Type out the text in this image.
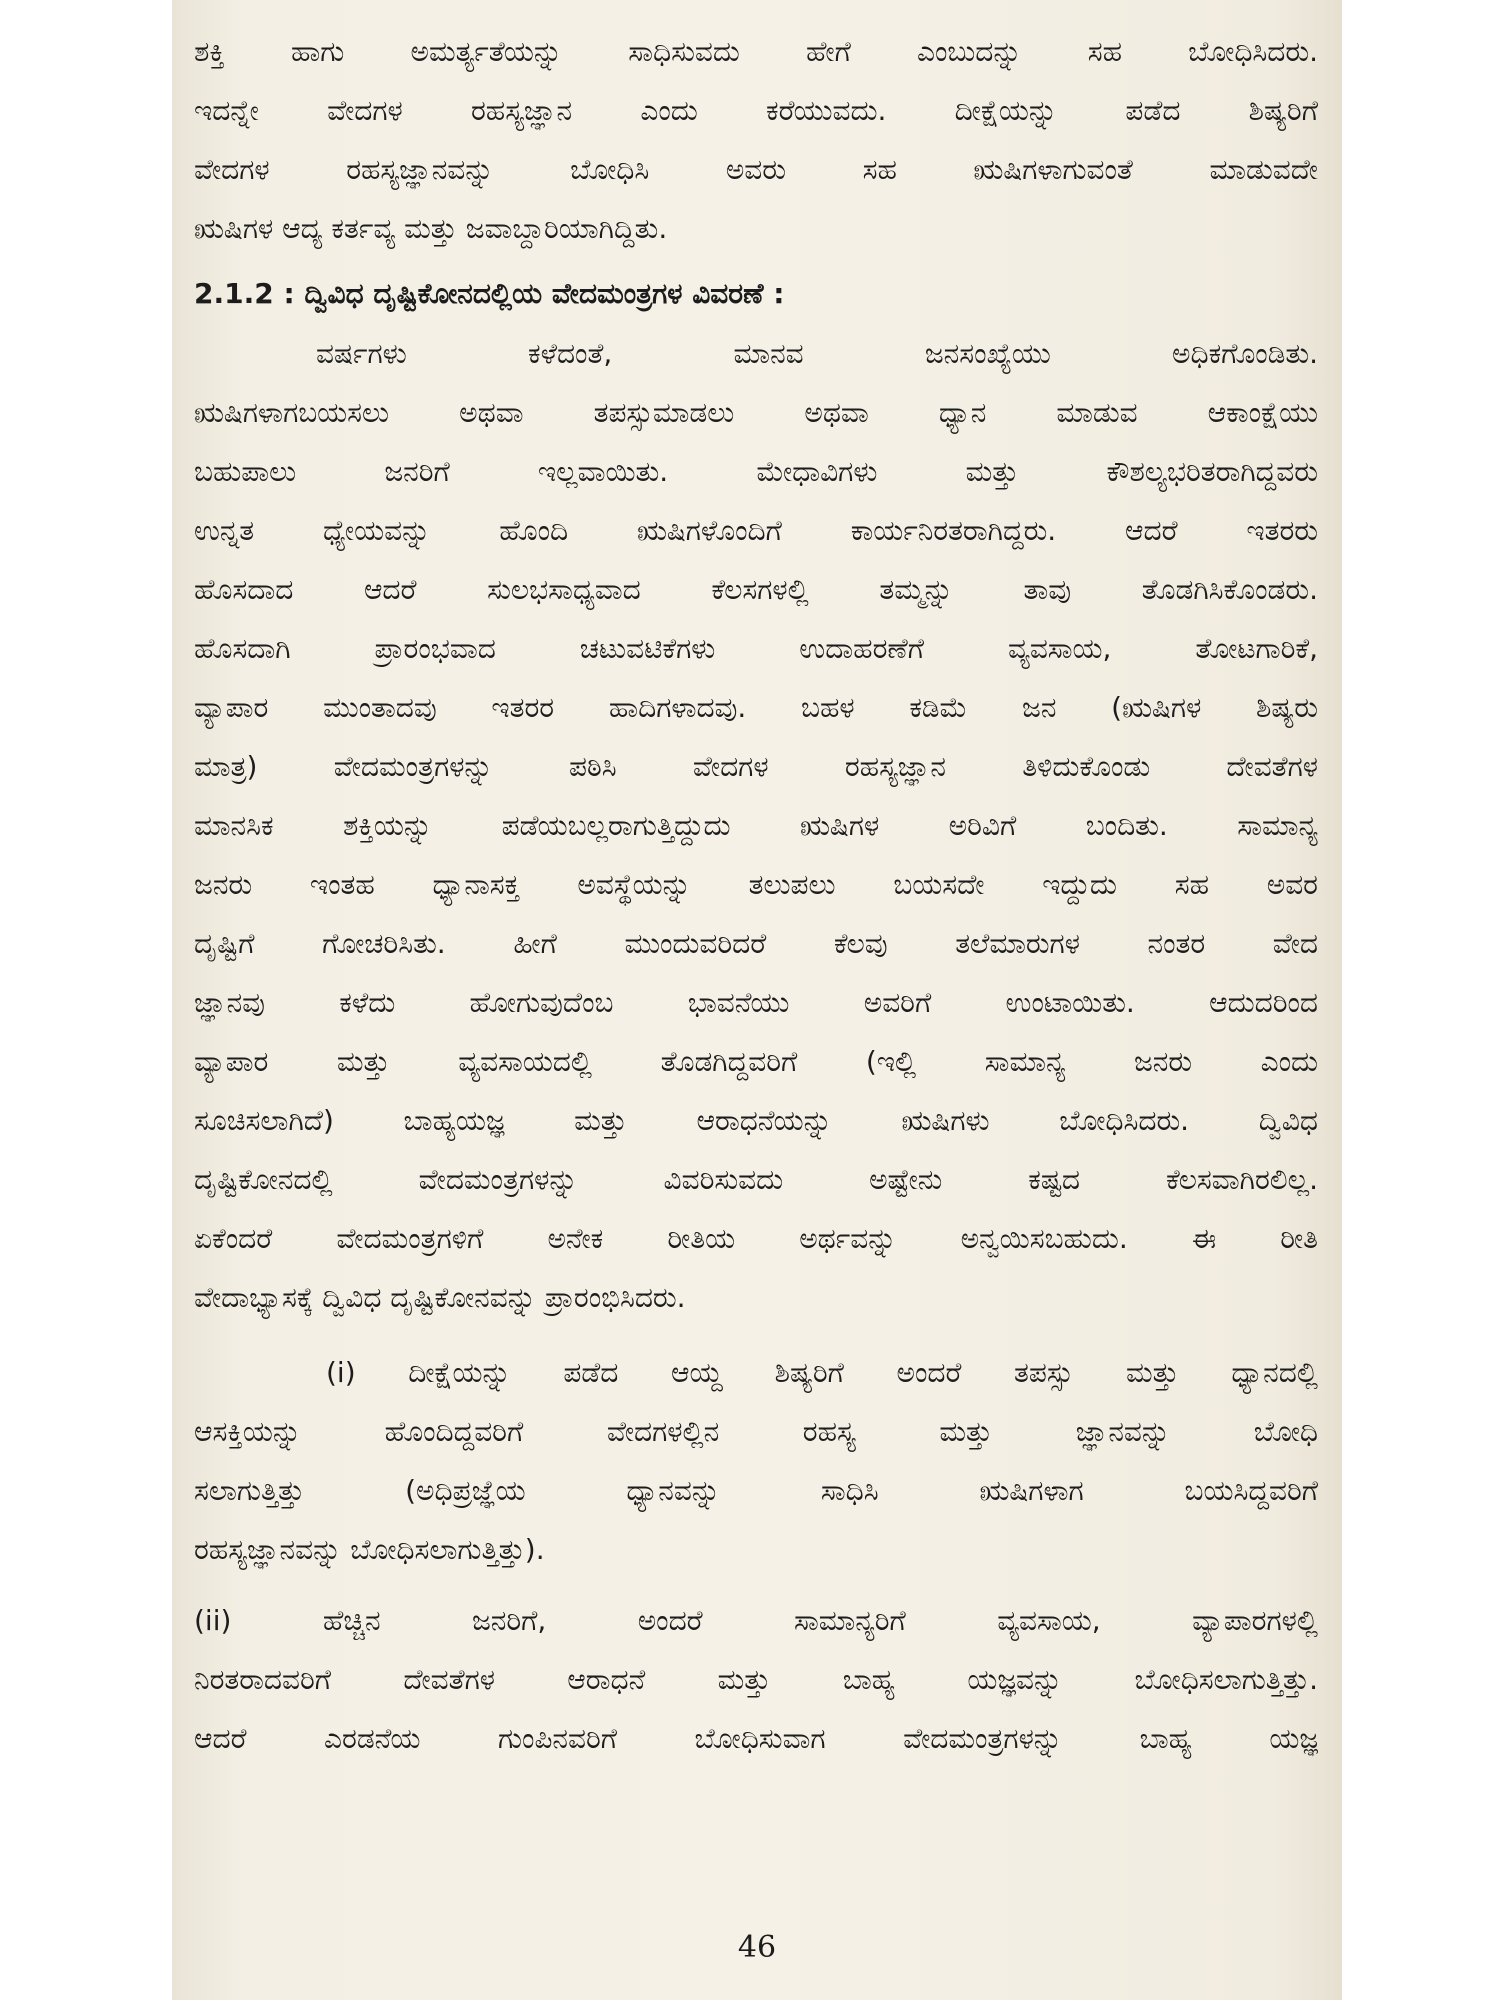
ಶಕ್ತಿ ಹಾಗು ಅಮರ್ತ್ಯತೆಯನ್ನು ಸಾಧಿಸುವದು ಹೇಗೆ ಎಂಬುದನ್ನು ಸಹ ಬೋಧಿಸಿದರು.
ಇದನ್ನೇ ವೇದಗಳ ರಹಸ್ಯಜ್ಞಾನ ಎಂದು ಕರೆಯುವದು. ದೀಕ್ಷೆಯನ್ನು ಪಡೆದ ಶಿಷ್ಯರಿಗೆ
ವೇದಗಳ ರಹಸ್ಯಜ್ಞಾನವನ್ನು ಬೋಧಿಸಿ ಅವರು ಸಹ ಋಷಿಗಳಾಗುವಂತೆ ಮಾಡುವದೇ
ಋಷಿಗಳ ಆದ್ಯ ಕರ್ತವ್ಯ ಮತ್ತು ಜವಾಬ್ದಾರಿಯಾಗಿದ್ದಿತು.
2.1.2 : ದ್ವಿವಿಧ ದೃಷ್ಟಿಕೋನದಲ್ಲಿಯ ವೇದಮಂತ್ರಗಳ ವಿವರಣೆ :
ವರ್ಷಗಳು ಕಳೆದಂತೆ, ಮಾನವ ಜನಸಂಖ್ಯೆಯು ಅಧಿಕಗೊಂಡಿತು.
ಋಷಿಗಳಾಗಬಯಸಲು ಅಥವಾ ತಪಸ್ಸುಮಾಡಲು ಅಥವಾ ಧ್ಯಾನ ಮಾಡುವ ಆಕಾಂಕ್ಷೆಯು
ಬಹುಪಾಲು ಜನರಿಗೆ ಇಲ್ಲವಾಯಿತು. ಮೇಧಾವಿಗಳು ಮತ್ತು ಕೌಶಲ್ಯಭರಿತರಾಗಿದ್ದವರು
ಉನ್ನತ ಧ್ಯೇಯವನ್ನು ಹೊಂದಿ ಋಷಿಗಳೊಂದಿಗೆ ಕಾರ್ಯನಿರತರಾಗಿದ್ದರು. ಆದರೆ ಇತರರು
ಹೊಸದಾದ ಆದರೆ ಸುಲಭಸಾಧ್ಯವಾದ ಕೆಲಸಗಳಲ್ಲಿ ತಮ್ಮನ್ನು ತಾವು ತೊಡಗಿಸಿಕೊಂಡರು.
ಹೊಸದಾಗಿ ಪ್ರಾರಂಭವಾದ ಚಟುವಟಿಕೆಗಳು ಉದಾಹರಣೆಗೆ ವ್ಯವಸಾಯ, ತೋಟಗಾರಿಕೆ,
ವ್ಯಾಪಾರ ಮುಂತಾದವು ಇತರರ ಹಾದಿಗಳಾದವು. ಬಹಳ ಕಡಿಮೆ ಜನ (ಋಷಿಗಳ ಶಿಷ್ಯರು
ಮಾತ್ರ) ವೇದಮಂತ್ರಗಳನ್ನು ಪಠಿಸಿ ವೇದಗಳ ರಹಸ್ಯಜ್ಞಾನ ತಿಳಿದುಕೊಂಡು ದೇವತೆಗಳ
ಮಾನಸಿಕ ಶಕ್ತಿಯನ್ನು ಪಡೆಯಬಲ್ಲರಾಗುತ್ತಿದ್ದುದು ಋಷಿಗಳ ಅರಿವಿಗೆ ಬಂದಿತು. ಸಾಮಾನ್ಯ
ಜನರು ಇಂತಹ ಧ್ಯಾನಾಸಕ್ತ ಅವಸ್ಥೆಯನ್ನು ತಲುಪಲು ಬಯಸದೇ ಇದ್ದುದು ಸಹ ಅವರ
ದೃಷ್ಟಿಗೆ ಗೋಚರಿಸಿತು. ಹೀಗೆ ಮುಂದುವರಿದರೆ ಕೆಲವು ತಲೆಮಾರುಗಳ ನಂತರ ವೇದ
ಜ್ಞಾನವು ಕಳೆದು ಹೋಗುವುದೆಂಬ ಭಾವನೆಯು ಅವರಿಗೆ ಉಂಟಾಯಿತು. ಆದುದರಿಂದ
ವ್ಯಾಪಾರ ಮತ್ತು ವ್ಯವಸಾಯದಲ್ಲಿ ತೊಡಗಿದ್ದವರಿಗೆ (ಇಲ್ಲಿ ಸಾಮಾನ್ಯ ಜನರು ಎಂದು
ಸೂಚಿಸಲಾಗಿದೆ) ಬಾಹ್ಯಯಜ್ಞ ಮತ್ತು ಆರಾಧನೆಯನ್ನು ಋಷಿಗಳು ಬೋಧಿಸಿದರು. ದ್ವಿವಿಧ
ದೃಷ್ಟಿಕೋನದಲ್ಲಿ ವೇದಮಂತ್ರಗಳನ್ನು ವಿವರಿಸುವದು ಅಷ್ಟೇನು ಕಷ್ಟದ ಕೆಲಸವಾಗಿರಲಿಲ್ಲ.
ಏಕೆಂದರೆ ವೇದಮಂತ್ರಗಳಿಗೆ ಅನೇಕ ರೀತಿಯ ಅರ್ಥವನ್ನು ಅನ್ವಯಿಸಬಹುದು. ಈ ರೀತಿ
ವೇದಾಭ್ಯಾಸಕ್ಕೆ ದ್ವಿವಿಧ ದೃಷ್ಟಿಕೋನವನ್ನು ಪ್ರಾರಂಭಿಸಿದರು.
(i) ದೀಕ್ಷೆಯನ್ನು ಪಡೆದ ಆಯ್ದ ಶಿಷ್ಯರಿಗೆ ಅಂದರೆ ತಪಸ್ಸು ಮತ್ತು ಧ್ಯಾನದಲ್ಲಿ
ಆಸಕ್ತಿಯನ್ನು ಹೊಂದಿದ್ದವರಿಗೆ ವೇದಗಳಲ್ಲಿನ ರಹಸ್ಯ ಮತ್ತು ಜ್ಞಾನವನ್ನು ಬೋಧಿ
ಸಲಾಗುತ್ತಿತ್ತು (ಅಧಿಪ್ರಜ್ಞೆಯ ಧ್ಯಾನವನ್ನು ಸಾಧಿಸಿ ಋಷಿಗಳಾಗ ಬಯಸಿದ್ದವರಿಗೆ
ರಹಸ್ಯಜ್ಞಾನವನ್ನು ಬೋಧಿಸಲಾಗುತ್ತಿತ್ತು).
(ii) ಹೆಚ್ಚಿನ ಜನರಿಗೆ, ಅಂದರೆ ಸಾಮಾನ್ಯರಿಗೆ ವ್ಯವಸಾಯ, ವ್ಯಾಪಾರಗಳಲ್ಲಿ
ನಿರತರಾದವರಿಗೆ ದೇವತೆಗಳ ಆರಾಧನೆ ಮತ್ತು ಬಾಹ್ಯ ಯಜ್ಞವನ್ನು ಬೋಧಿಸಲಾಗುತ್ತಿತ್ತು.
ಆದರೆ ಎರಡನೆಯ ಗುಂಪಿನವರಿಗೆ ಬೋಧಿಸುವಾಗ ವೇದಮಂತ್ರಗಳನ್ನು ಬಾಹ್ಯ ಯಜ್ಞ
46
